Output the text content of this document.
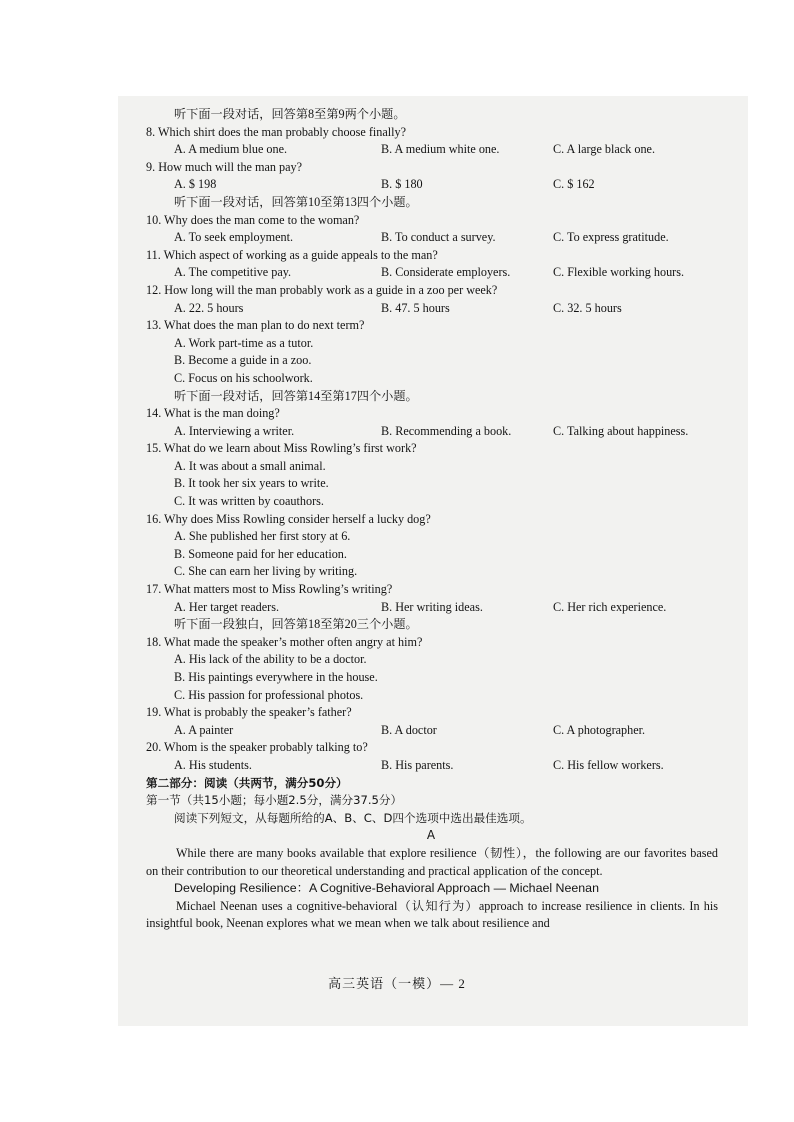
听下面一段对话，回答第8至第9两个小题。
8. Which shirt does the man probably choose finally?
A. A medium blue one.	B. A medium white one.	C. A large black one.
9. How much will the man pay?
A. $ 198	B. $ 180	C. $ 162
听下面一段对话，回答第10至第13四个小题。
10. Why does the man come to the woman?
A. To seek employment.	B. To conduct a survey.	C. To express gratitude.
11. Which aspect of working as a guide appeals to the man?
A. The competitive pay.	B. Considerate employers.	C. Flexible working hours.
12. How long will the man probably work as a guide in a zoo per week?
A. 22. 5 hours	B. 47. 5 hours	C. 32. 5 hours
13. What does the man plan to do next term?
A. Work part-time as a tutor.
B. Become a guide in a zoo.
C. Focus on his schoolwork.
听下面一段对话，回答第14至第17四个小题。
14. What is the man doing?
A. Interviewing a writer.	B. Recommending a book.	C. Talking about happiness.
15. What do we learn about Miss Rowling’s first work?
A. It was about a small animal.
B. It took her six years to write.
C. It was written by coauthors.
16. Why does Miss Rowling consider herself a lucky dog?
A. She published her first story at 6.
B. Someone paid for her education.
C. She can earn her living by writing.
17. What matters most to Miss Rowling’s writing?
A. Her target readers.	B. Her writing ideas.	C. Her rich experience.
听下面一段独白，回答第18至第20三个小题。
18. What made the speaker’s mother often angry at him?
A. His lack of the ability to be a doctor.
B. His paintings everywhere in the house.
C. His passion for professional photos.
19. What is probably the speaker’s father?
A. A painter	B. A doctor	C. A photographer.
20. Whom is the speaker probably talking to?
A. His students.	B. His parents.	C. His fellow workers.
第二部分：阅读（共两节，满分50分）
第一节（共15小题；每小题2.5分，满分37.5分）
阅读下列短文，从每题所给的A、B、C、D四个选项中选出最佳选项。
A
While there are many books available that explore resilience（韧性），the following are our favorites based on their contribution to our theoretical understanding and practical application of the concept.
Developing Resilience：A Cognitive-Behavioral Approach — Michael Neenan
Michael Neenan uses a cognitive-behavioral（认知行为）approach to increase resilience in clients. In his insightful book, Neenan explores what we mean when we talk about resilience and
高三英语（一模）— 2
